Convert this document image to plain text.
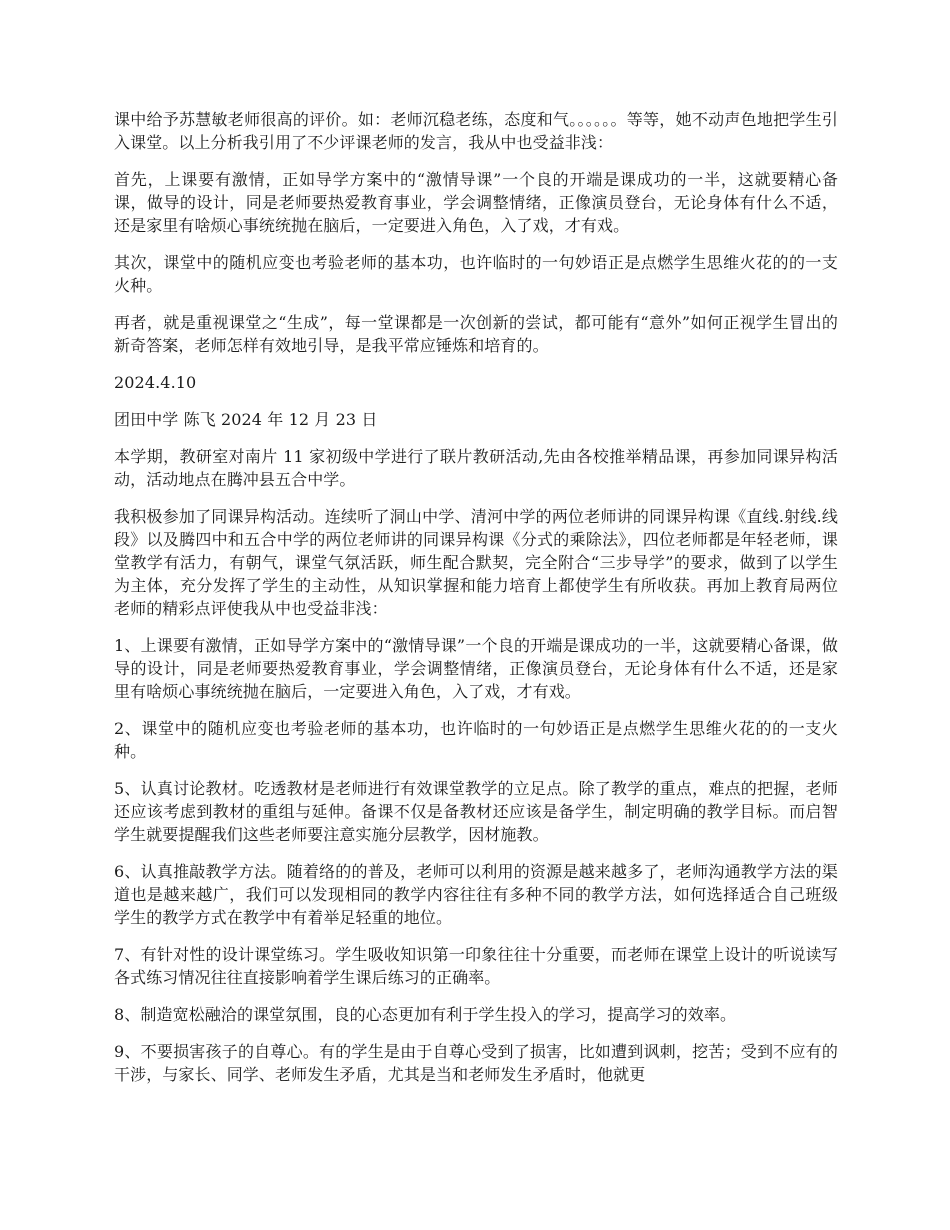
课中给予苏慧敏老师很高的评价。如：老师沉稳老练，态度和气。。。。。。等等，她不动声色地把学生引入课堂。以上分析我引用了不少评课老师的发言，我从中也受益非浅：

首先，上课要有激情，正如导学方案中的“激情导课”一个良的开端是课成功的一半，这就要精心备课，做导的设计，同是老师要热爱教育事业，学会调整情绪，正像演员登台，无论身体有什么不适，还是家里有啥烦心事统统抛在脑后，一定要进入角色，入了戏，才有戏。

其次，课堂中的随机应变也考验老师的基本功，也许临时的一句妙语正是点燃学生思维火花的的一支火种。

再者，就是重视课堂之“生成”，每一堂课都是一次创新的尝试，都可能有“意外”如何正视学生冒出的新奇答案，老师怎样有效地引导，是我平常应锤炼和培育的。

2024.4.10

团田中学 陈飞 2024 年 12 月 23 日

本学期，教研室对南片 11 家初级中学进行了联片教研活动,先由各校推举精品课，再参加同课异构活动，活动地点在腾冲县五合中学。

我积极参加了同课异构活动。连续听了洞山中学、清河中学的两位老师讲的同课异构课《直线.射线.线段》以及腾四中和五合中学的两位老师讲的同课异构课《分式的乘除法》，四位老师都是年轻老师，课堂教学有活力，有朝气，课堂气氛活跃，师生配合默契，完全附合“三步导学”的要求，做到了以学生为主体，充分发挥了学生的主动性，从知识掌握和能力培育上都使学生有所收获。再加上教育局两位老师的精彩点评使我从中也受益非浅：

1、上课要有激情，正如导学方案中的“激情导课”一个良的开端是课成功的一半，这就要精心备课，做导的设计，同是老师要热爱教育事业，学会调整情绪，正像演员登台，无论身体有什么不适，还是家里有啥烦心事统统抛在脑后，一定要进入角色，入了戏，才有戏。

2、课堂中的随机应变也考验老师的基本功，也许临时的一句妙语正是点燃学生思维火花的的一支火种。

5、认真讨论教材。吃透教材是老师进行有效课堂教学的立足点。除了教学的重点，难点的把握，老师还应该考虑到教材的重组与延伸。备课不仅是备教材还应该是备学生，制定明确的教学目标。而启智学生就要提醒我们这些老师要注意实施分层教学，因材施教。

6、认真推敲教学方法。随着络的的普及，老师可以利用的资源是越来越多了，老师沟通教学方法的渠道也是越来越广，我们可以发现相同的教学内容往往有多种不同的教学方法，如何选择适合自己班级学生的教学方式在教学中有着举足轻重的地位。

7、有针对性的设计课堂练习。学生吸收知识第一印象往往十分重要，而老师在课堂上设计的听说读写各式练习情况往往直接影响着学生课后练习的正确率。

8、制造宽松融洽的课堂氛围，良的心态更加有利于学生投入的学习，提高学习的效率。

9、不要损害孩子的自尊心。有的学生是由于自尊心受到了损害，比如遭到讽刺，挖苦；受到不应有的干涉，与家长、同学、老师发生矛盾，尤其是当和老师发生矛盾时，他就更
